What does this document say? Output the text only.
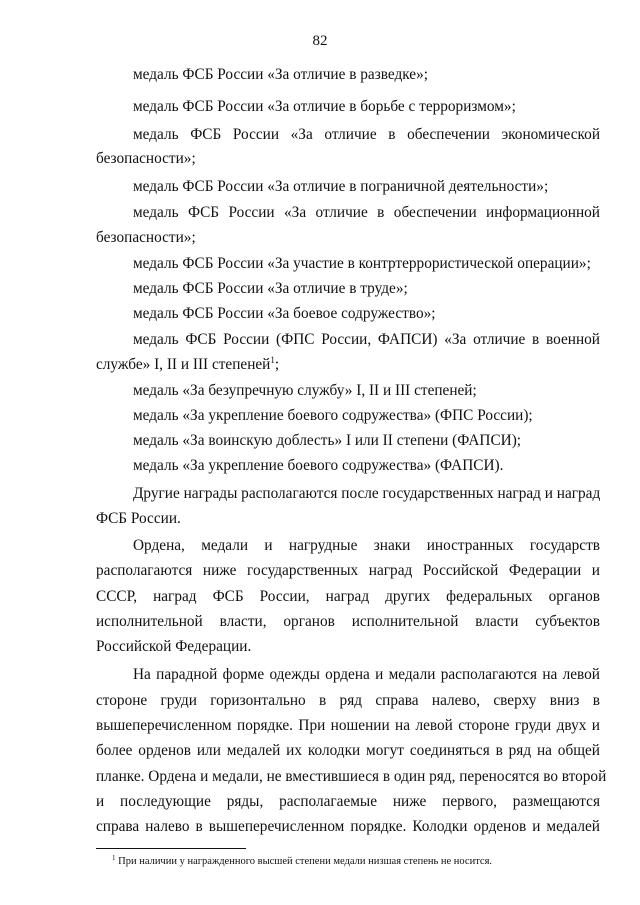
82
медаль ФСБ России «За отличие в разведке»;
медаль ФСБ России «За отличие в борьбе с терроризмом»;
медаль ФСБ России «За отличие в обеспечении экономической
безопасности»;
медаль ФСБ России «За отличие в пограничной деятельности»;
медаль ФСБ России «За отличие в обеспечении информационной
безопасности»;
медаль ФСБ России «За участие в контртеррористической операции»;
медаль ФСБ России «За отличие в труде»;
медаль ФСБ России «За боевое содружество»;
медаль ФСБ России (ФПС России, ФАПСИ) «За отличие в военной
службе» I, II и III степеней$^1$;
медаль «За безупречную службу» I, II и III степеней;
медаль «За укрепление боевого содружества» (ФПС России);
медаль «За воинскую доблесть» I или II степени (ФАПСИ);
медаль «За укрепление боевого содружества» (ФАПСИ).
Другие награды располагаются после государственных наград и наград
ФСБ России.
Ордена, медали и нагрудные знаки иностранных государств
располагаются ниже государственных наград Российской Федерации и
СССР, наград ФСБ России, наград других федеральных органов
исполнительной власти, органов исполнительной власти субъектов
Российской Федерации.
На парадной форме одежды ордена и медали располагаются на левой
стороне груди горизонтально в ряд справа налево, сверху вниз в
вышеперечисленном порядке. При ношении на левой стороне груди двух и
более орденов или медалей их колодки могут соединяться в ряд на общей
планке. Ордена и медали, не вместившиеся в один ряд, переносятся во второй
и последующие ряды, располагаемые ниже первого, размещаются
справа налево в вышеперечисленном порядке. Колодки орденов и медалей
$^1$ При наличии у награжденного высшей степени медали низшая степень не носится.
